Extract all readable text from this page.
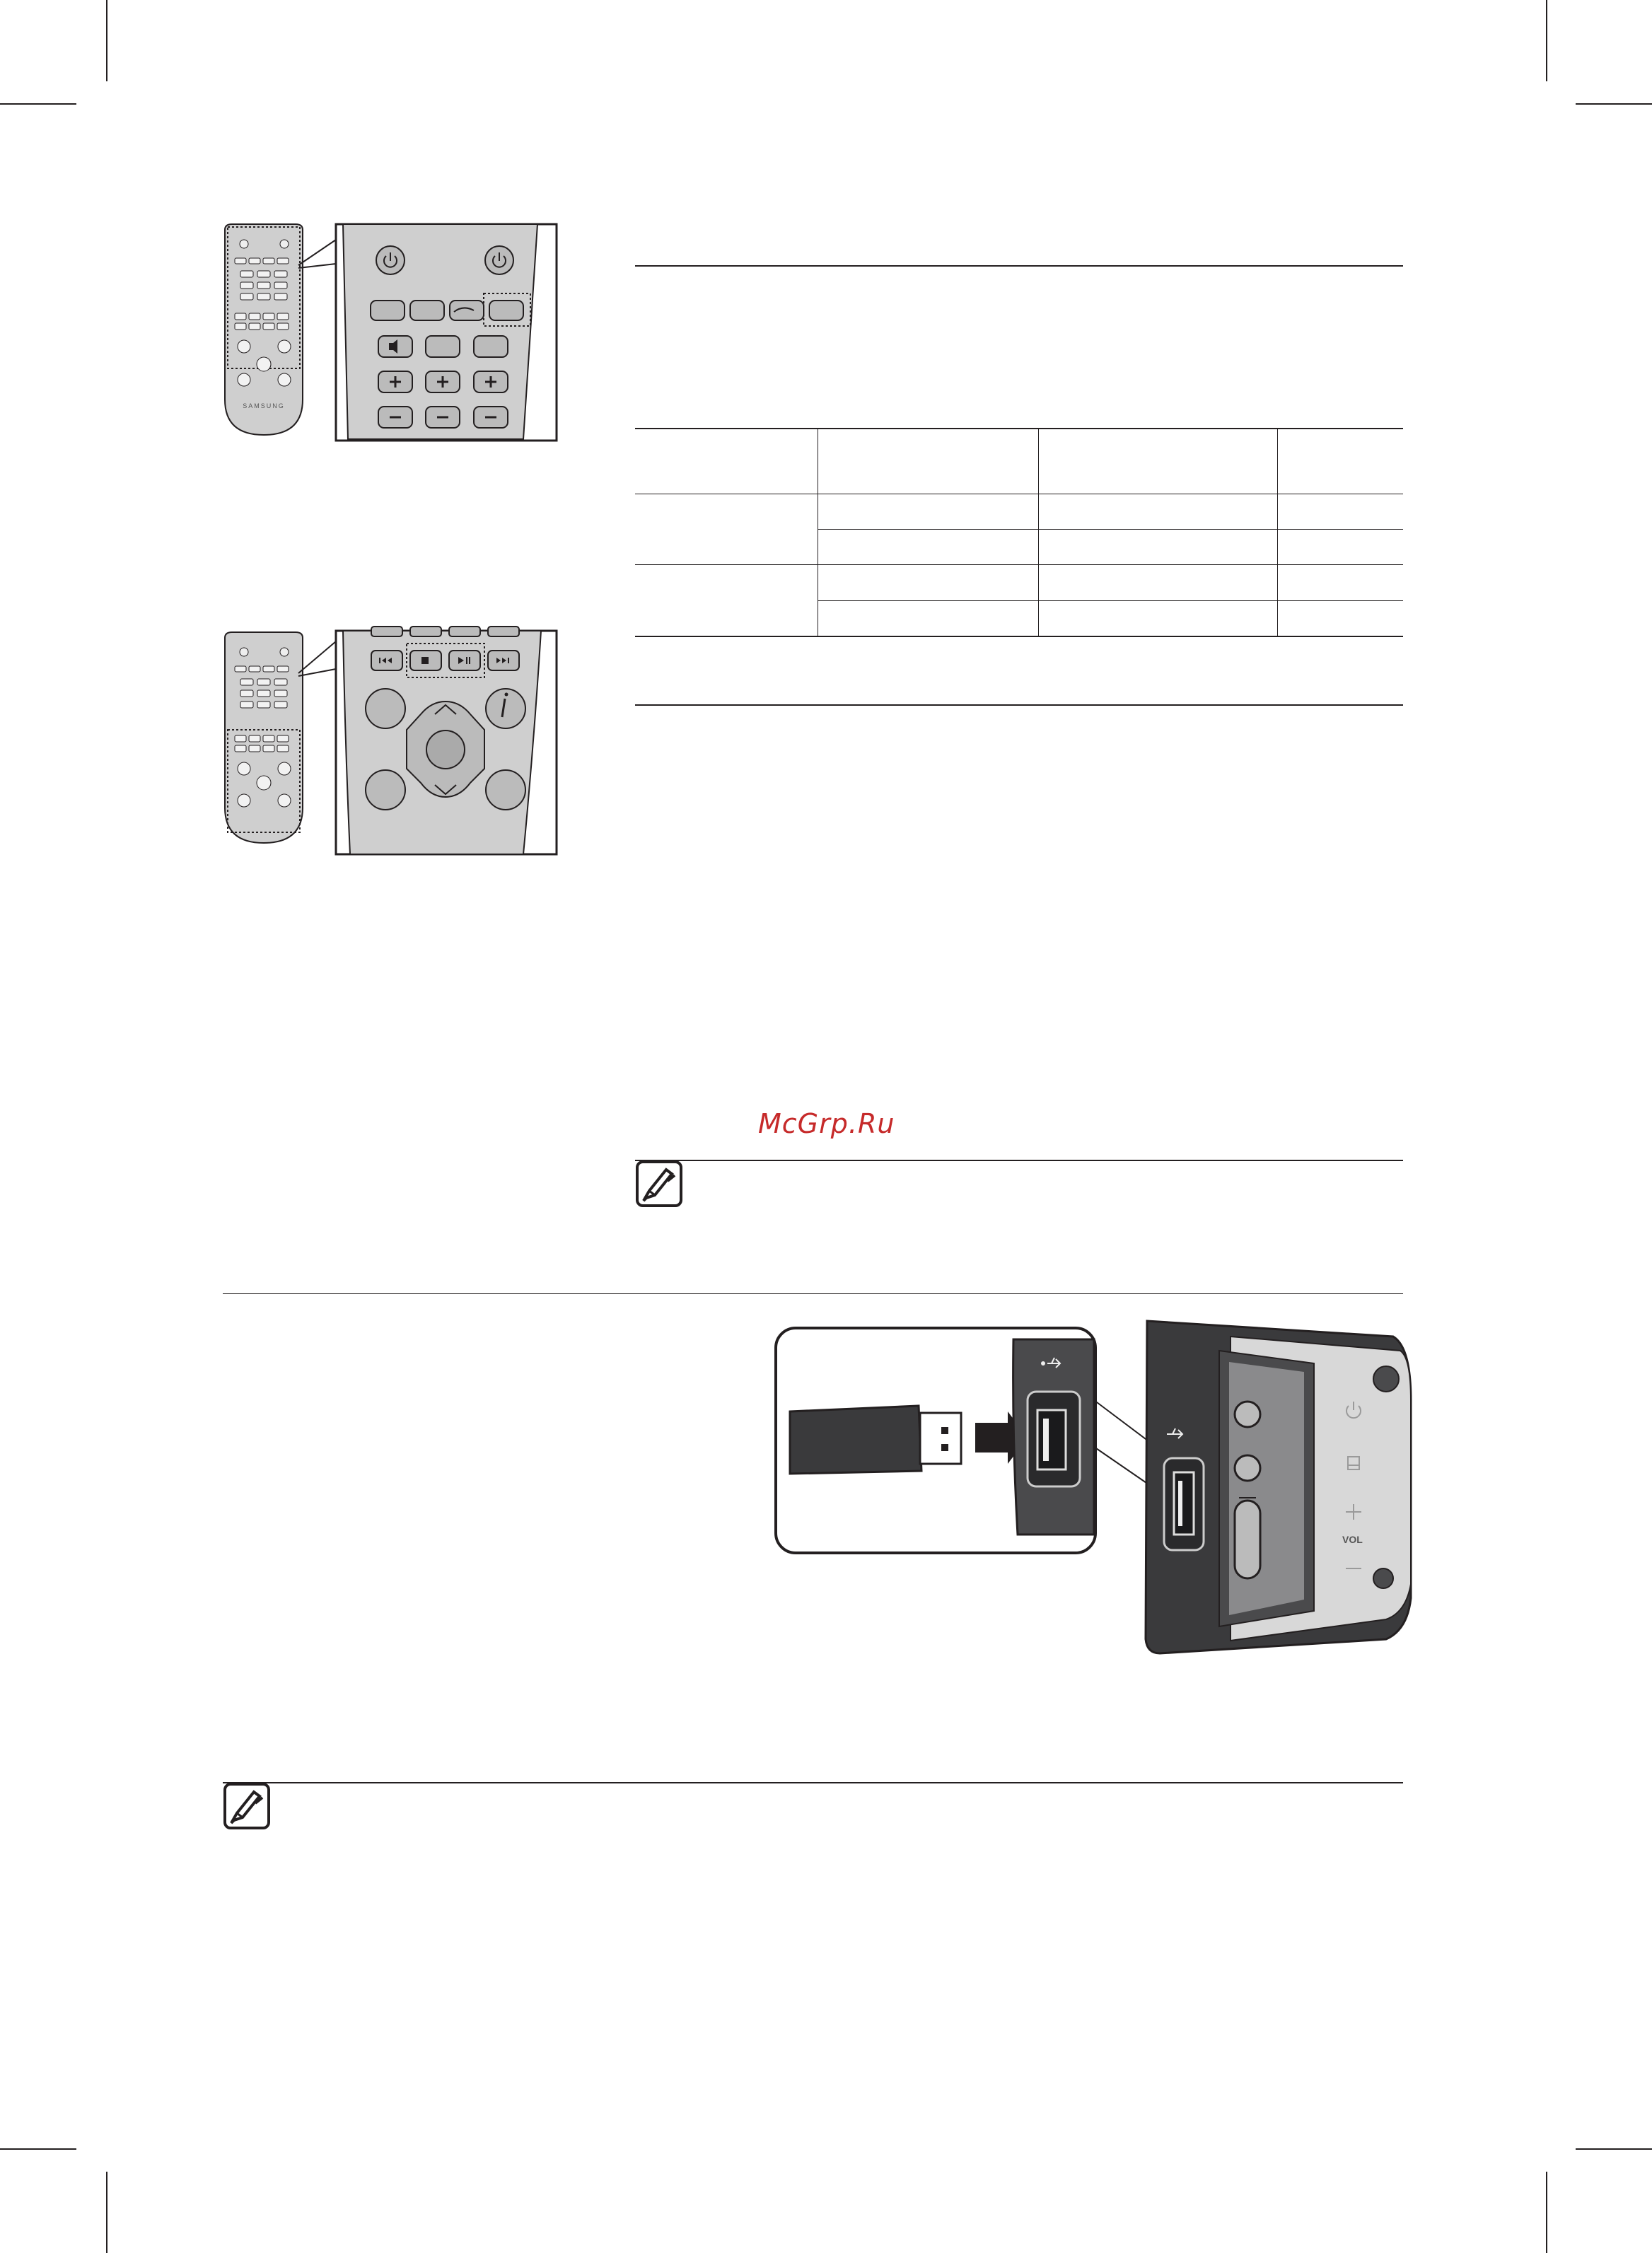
SAMSUNG
McGrp.Ru
VOL
